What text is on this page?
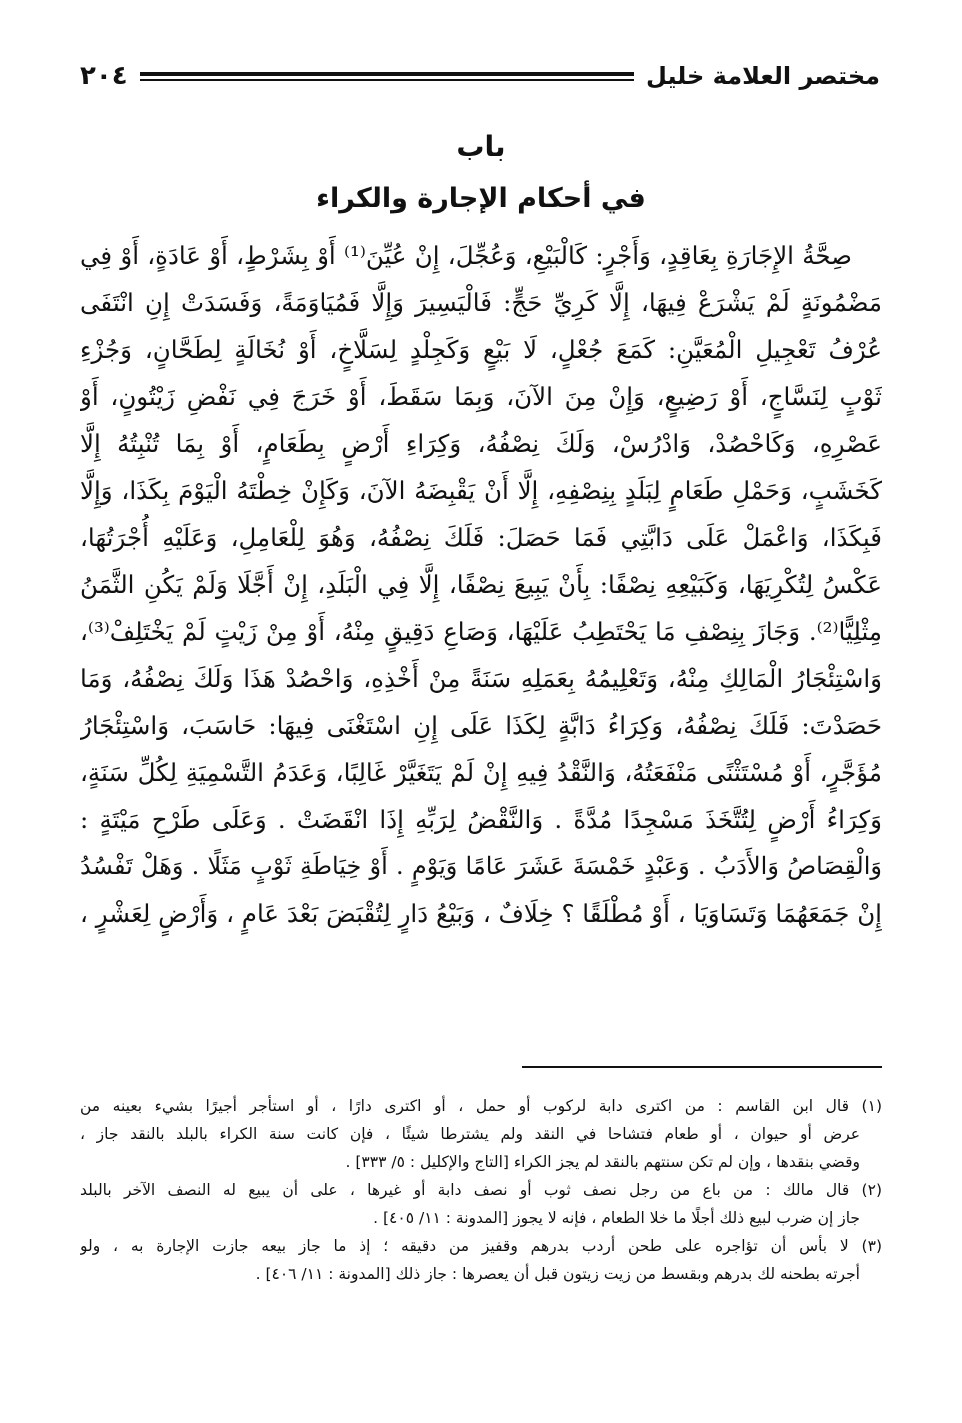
مختصر العلامة خليل
٢٠٤
باب
في أحكام الإجارة والكراء
صِحَّةُ الإِجَارَةِ بِعَاقِدٍ، وَأَجْرٍ: كَالْبَيْعِ، وَعُجِّلَ، إِنْ عُيِّنَ⁽¹⁾ أَوْ بِشَرْطٍ، أَوْ عَادَةٍ، أَوْ فِي
مَضْمُونَةٍ لَمْ يَشْرَعْ فِيهَا، إِلَّا كَرِيِّ حَجٍّ: فَالْيَسِيرَ وَإِلَّا فَمُيَاوَمَةً، وَفَسَدَتْ إِنِ انْتَفَى
عُرْفُ تَعْجِيلِ الْمُعَيَّنِ: كَمَعَ جُعْلٍ، لَا بَيْعٍ وَكَجِلْدٍ لِسَلَّاخٍ، أَوْ نُخَالَةٍ لِطَحَّانٍ، وَجُزْءِ
ثَوْبٍ لِنَسَّاجٍ، أَوْ رَضِيعٍ، وَإِنْ مِنَ الآنَ، وَبِمَا سَقَطَ، أَوْ خَرَجَ فِي نَفْضِ زَيْتُونٍ، أَوْ
عَصْرِهِ، وَكَاحْصُدْ، وَادْرُسْ، وَلَكَ نِصْفُهُ، وَكِرَاءِ أَرْضٍ بِطَعَامٍ، أَوْ بِمَا تُنْبِتُهُ إِلَّا
كَخَشَبٍ، وَحَمْلِ طَعَامٍ لِبَلَدٍ بِنِصْفِهِ، إِلَّا أَنْ يَقْبِضَهُ الآنَ، وَكَإِنْ خِطْتَهُ الْيَوْمَ بِكَذَا، وَإِلَّا
فَبِكَذَا، وَاعْمَلْ عَلَى دَابَّتِي فَمَا حَصَلَ: فَلَكَ نِصْفُهُ، وَهُوَ لِلْعَامِلِ، وَعَلَيْهِ أُجْرَتُهَا،
عَكْسُ لِتُكْرِيَهَا، وَكَبَيْعِهِ نِصْفًا: بِأَنْ يَبِيعَ نِصْفًا، إِلَّا فِي الْبَلَدِ، إِنْ أَجَّلَا وَلَمْ يَكُنِ الثَّمَنُ
مِثْلِيًّا⁽²⁾. وَجَازَ بِنِصْفِ مَا يَحْتَطِبُ عَلَيْهَا، وَصَاعِ دَقِيقٍ مِنْهُ، أَوْ مِنْ زَيْتٍ لَمْ يَخْتَلِفْ⁽³⁾،
وَاسْتِئْجَارُ الْمَالِكِ مِنْهُ، وَتَعْلِيمُهُ بِعَمَلِهِ سَنَةً مِنْ أَخْذِهِ، وَاحْصُدْ هَذَا وَلَكَ نِصْفُهُ، وَمَا
حَصَدْتَ: فَلَكَ نِصْفُهُ، وَكِرَاءُ دَابَّةٍ لِكَذَا عَلَى إِنِ اسْتَغْنَى فِيهَا: حَاسَبَ، وَاسْتِئْجَارُ
مُؤَجَّرٍ، أَوْ مُسْتَثْنًى مَنْفَعَتُهُ، وَالنَّقْدُ فِيهِ إِنْ لَمْ يَتَغَيَّرْ غَالِبًا، وَعَدَمُ التَّسْمِيَةِ لِكُلِّ سَنَةٍ،
وَكِرَاءُ أَرْضٍ لِتُتَّخَذَ مَسْجِدًا مُدَّةً . وَالنَّقْضُ لِرَبِّهِ إِذَا انْقَضَتْ . وَعَلَى طَرْحِ مَيْتَةٍ :
وَالْقِصَاصُ وَالأَدَبُ . وَعَبْدٍ خَمْسَةَ عَشَرَ عَامًا وَيَوْمٍ . أَوْ خِيَاطَةِ ثَوْبٍ مَثَلًا . وَهَلْ تَفْسُدُ
إِنْ جَمَعَهُمَا وَتَسَاوَيَا ، أَوْ مُطْلَقًا ؟ خِلَافٌ ، وَبَيْعُ دَارٍ لِتُقْبَضَ بَعْدَ عَامٍ ، وَأَرْضٍ لِعَشْرٍ ،
(١) قال ابن القاسم : من اكترى دابة لركوب أو حمل ، أو اكترى دارًا ، أو استأجر أجيرًا بشيء بعينه من
عرض أو حيوان ، أو طعام فتشاحا في النقد ولم يشترطا شيئًا ، فإن كانت سنة الكراء بالبلد بالنقد جاز ،
وقضي بنقدها ، وإن لم تكن سنتهم بالنقد لم يجز الكراء [التاج والإكليل : ٥/ ٣٣٣] .
(٢) قال مالك : من باع من رجل نصف ثوب أو نصف دابة أو غيرها ، على أن يبيع له النصف الآخر بالبلد
جاز إن ضرب لبيع ذلك أجلًا ما خلا الطعام ، فإنه لا يجوز [المدونة : ١١/ ٤٠٥] .
(٣) لا بأس أن تؤاجره على طحن أردب بدرهم وقفيز من دقيقه ؛ إذ ما جاز بيعه جازت الإجارة به ، ولو
أجرته بطحنه لك بدرهم وبقسط من زيت زيتون قبل أن يعصرها : جاز ذلك [المدونة : ١١/ ٤٠٦] .
